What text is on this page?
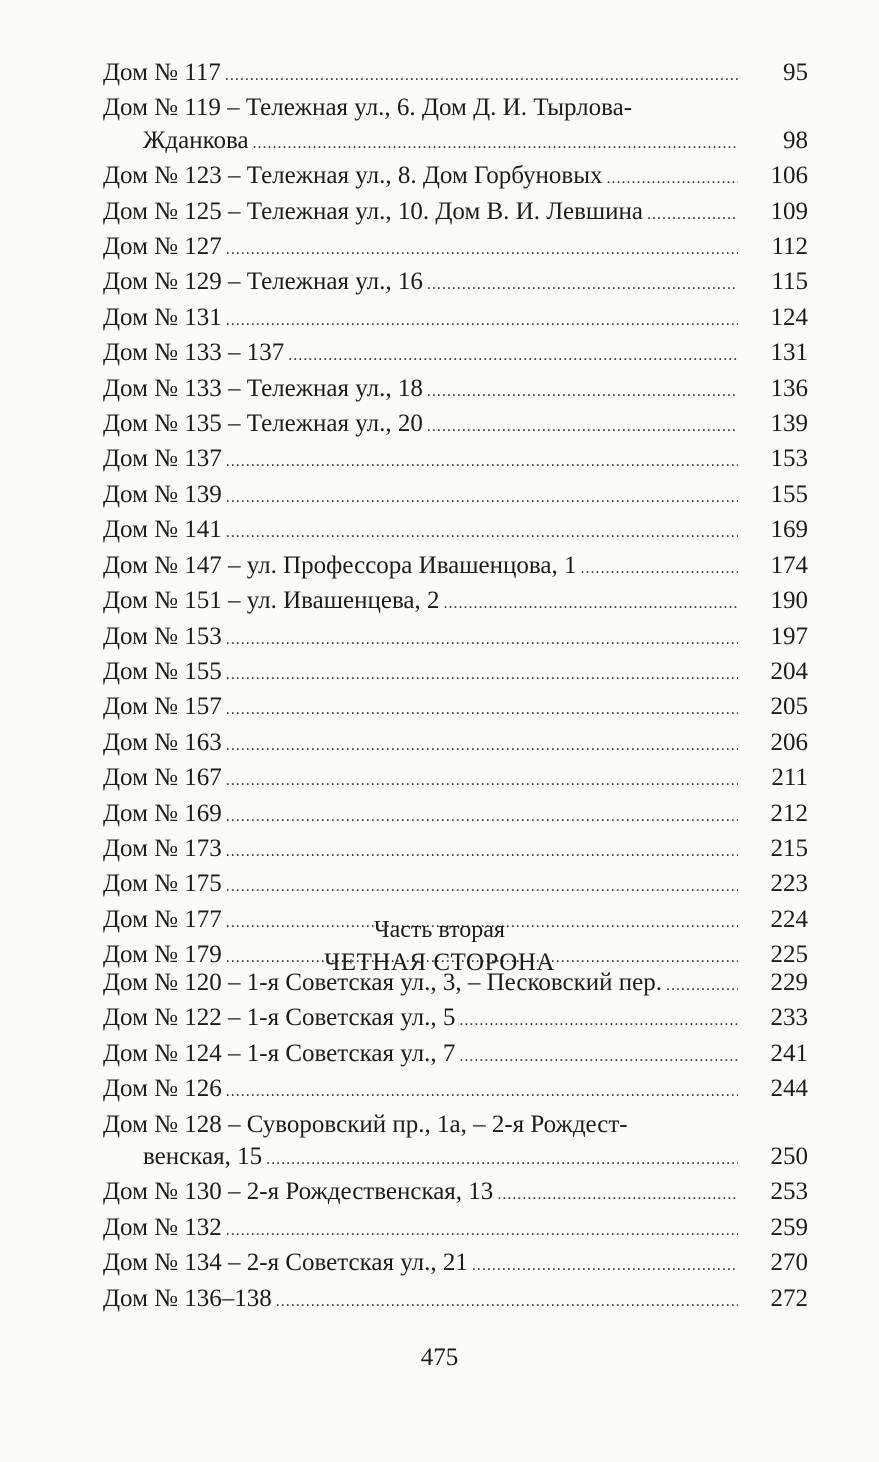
Дом № 117 .....	95
Дом № 119 – Тележная ул., 6. Дом Д. И. Тырлова-
Жданкова .....	98
Дом № 123 – Тележная ул., 8. Дом Горбуновых .....	106
Дом № 125 – Тележная ул., 10. Дом В. И. Левшина .....	109
Дом № 127 .....	112
Дом № 129 – Тележная ул., 16 .....	115
Дом № 131 .....	124
Дом № 133 – 137 .....	131
Дом № 133 – Тележная ул., 18 .....	136
Дом № 135 – Тележная ул., 20 .....	139
Дом № 137 .....	153
Дом № 139 .....	155
Дом № 141 .....	169
Дом № 147 – ул. Профессора Ивашенцова, 1 .....	174
Дом № 151 – ул. Ивашенцева, 2 .....	190
Дом № 153 .....	197
Дом № 155 .....	204
Дом № 157 .....	205
Дом № 163 .....	206
Дом № 167 .....	211
Дом № 169 .....	212
Дом № 173 .....	215
Дом № 175 .....	223
Дом № 177 .....	224
Дом № 179 .....	225
Часть вторая
ЧЕТНАЯ СТОРОНА
Дом № 120 – 1-я Советская ул., 3, – Песковский пер. .....	229
Дом № 122 – 1-я Советская ул., 5 .....	233
Дом № 124 – 1-я Советская ул., 7 .....	241
Дом № 126 .....	244
Дом № 128 – Суворовский пр., 1а, – 2-я Рождест-
венская, 15 .....	250
Дом № 130 – 2-я Рождественская, 13 .....	253
Дом № 132 .....	259
Дом № 134 – 2-я Советская ул., 21 .....	270
Дом № 136–138 .....	272
475
